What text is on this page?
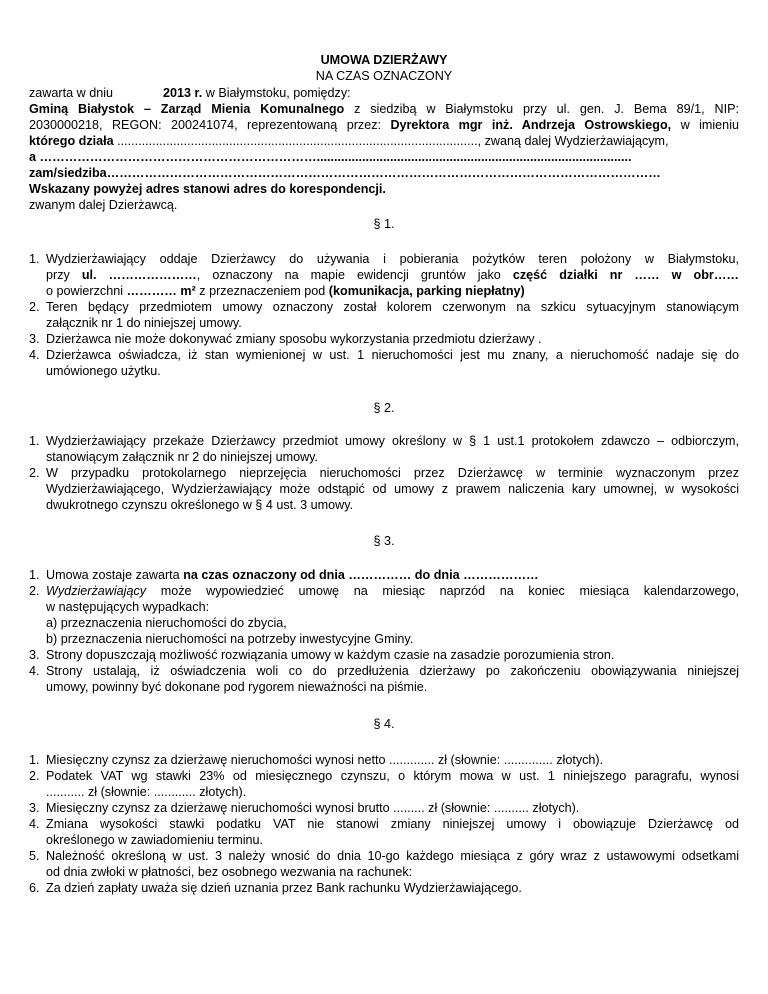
UMOWA DZIERŻAWY
NA CZAS OZNACZONY
zawarta w dniu	2013 r. w Białymstoku, pomiędzy:
Gminą Białystok – Zarząd Mienia Komunalnego z siedzibą w Białymstoku przy ul. gen. J. Bema 89/1, NIP:
2030000218, REGON: 200241074, reprezentowaną przez: Dyrektora mgr inż. Andrzeja Ostrowskiego, w imieniu
którego działa ......................................................................................................., zwaną dalej Wydzierżawiającym,
a …………………………………………………………..........................................................................................
zam/siedziba……………………………………………………………………………………………………………………
Wskazany powyżej adres stanowi adres do korespondencji.
zwanym dalej Dzierżawcą.
§ 1.
1. Wydzierżawiający oddaje Dzierżawcy do używania i pobierania pożytków teren położony w Białymstoku,
przy ul. …………………, oznaczony na mapie ewidencji gruntów jako część działki nr …… w obr……
o powierzchni ………… m² z przeznaczeniem pod (komunikacja, parking niepłatny)
2. Teren będący przedmiotem umowy oznaczony został kolorem czerwonym na szkicu sytuacyjnym stanowiącym
załącznik nr 1 do niniejszej umowy.
3. Dzierżawca nie może dokonywać zmiany sposobu wykorzystania przedmiotu dzierżawy .
4. Dzierżawca oświadcza, iż stan wymienionej w ust. 1 nieruchomości jest mu znany, a nieruchomość nadaje się do
umówionego użytku.
§ 2.
1. Wydzierżawiający przekaże Dzierżawcy przedmiot umowy określony w § 1 ust.1 protokołem zdawczo – odbiorczym,
stanowiącym załącznik nr 2 do niniejszej umowy.
2. W przypadku protokolarnego nieprzejęcia nieruchomości przez Dzierżawcę w terminie wyznaczonym przez
Wydzierżawiającego, Wydzierżawiający może odstąpić od umowy z prawem naliczenia kary umownej, w wysokości
dwukrotnego czynszu określonego w § 4 ust. 3 umowy.
§ 3.
1. Umowa zostaje zawarta na czas oznaczony od dnia …………… do dnia ………………
2. Wydzierżawiający może wypowiedzieć umowę na miesiąc naprzód na koniec miesiąca kalendarzowego,
w następujących wypadkach:
a) przeznaczenia nieruchomości do zbycia,
b) przeznaczenia nieruchomości na potrzeby inwestycyjne Gminy.
3. Strony dopuszczają możliwość rozwiązania umowy w każdym czasie na zasadzie porozumienia stron.
4. Strony ustalają, iż oświadczenia woli co do przedłużenia dzierżawy po zakończeniu obowiązywania niniejszej
umowy, powinny być dokonane pod rygorem nieważności na piśmie.
§ 4.
1. Miesięczny czynsz za dzierżawę nieruchomości wynosi netto ............. zł (słownie: .............. złotych).
2. Podatek VAT wg stawki 23% od miesięcznego czynszu, o którym mowa w ust. 1 niniejszego paragrafu, wynosi
........... zł (słownie: ............ złotych).
3. Miesięczny czynsz za dzierżawę nieruchomości wynosi brutto ......... zł (słownie: .......... złotych).
4. Zmiana wysokości stawki podatku VAT nie stanowi zmiany niniejszej umowy i obowiązuje Dzierżawcę od
określonego w zawiadomieniu terminu.
5. Należność określoną w ust. 3 należy wnosić do dnia 10-go każdego miesiąca z góry wraz z ustawowymi odsetkami
od dnia zwłoki w płatności, bez osobnego wezwania na rachunek:
6. Za dzień zapłaty uważa się dzień uznania przez Bank rachunku Wydzierżawiającego.
